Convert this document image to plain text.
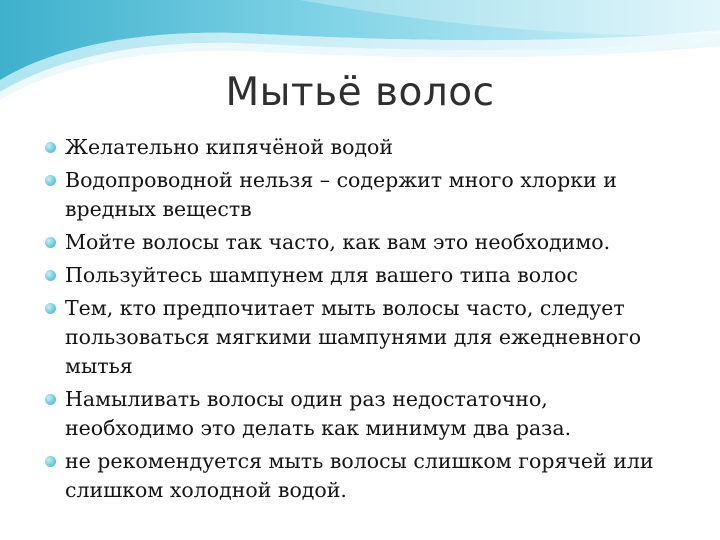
Мытьё волос
Желательно кипячёной водой
Водопроводной нельзя – содержит много хлорки и
вредных веществ
Мойте волосы так часто, как вам это необходимо.
Пользуйтесь шампунем для вашего типа волос
Тем, кто предпочитает мыть волосы часто, следует
пользоваться мягкими шампунями для ежедневного
мытья
Намыливать волосы один раз недостаточно,
необходимо это делать как минимум два раза.
не рекомендуется мыть волосы слишком горячей или
слишком холодной водой.
